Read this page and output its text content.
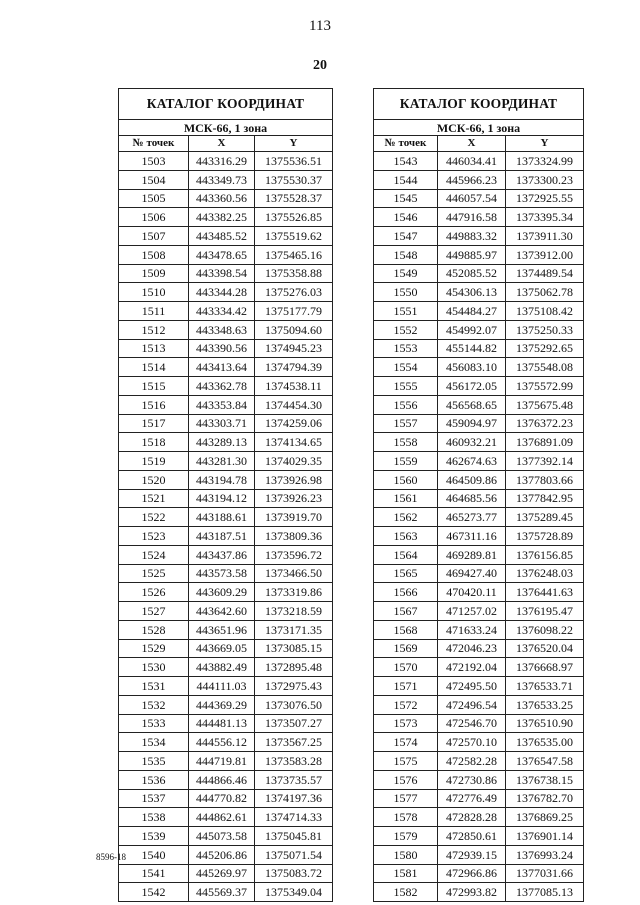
113
20
КАТАЛОГ КООРДИНАТ		
МСК-66, 1 зона		
№ точек	X	Y
1503	443316.29	1375536.51
1504	443349.73	1375530.37
1505	443360.56	1375528.37
1506	443382.25	1375526.85
1507	443485.52	1375519.62
1508	443478.65	1375465.16
1509	443398.54	1375358.88
1510	443344.28	1375276.03
1511	443334.42	1375177.79
1512	443348.63	1375094.60
1513	443390.56	1374945.23
1514	443413.64	1374794.39
1515	443362.78	1374538.11
1516	443353.84	1374454.30
1517	443303.71	1374259.06
1518	443289.13	1374134.65
1519	443281.30	1374029.35
1520	443194.78	1373926.98
1521	443194.12	1373926.23
1522	443188.61	1373919.70
1523	443187.51	1373809.36
1524	443437.86	1373596.72
1525	443573.58	1373466.50
1526	443609.29	1373319.86
1527	443642.60	1373218.59
1528	443651.96	1373171.35
1529	443669.05	1373085.15
1530	443882.49	1372895.48
1531	444111.03	1372975.43
1532	444369.29	1373076.50
1533	444481.13	1373507.27
1534	444556.12	1373567.25
1535	444719.81	1373583.28
1536	444866.46	1373735.57
1537	444770.82	1374197.36
1538	444862.61	1374714.33
1539	445073.58	1375045.81
1540	445206.86	1375071.54
1541	445269.97	1375083.72
1542	445569.37	1375349.04
КАТАЛОГ КООРДИНАТ		
МСК-66, 1 зона		
№ точек	X	Y
1543	446034.41	1373324.99
1544	445966.23	1373300.23
1545	446057.54	1372925.55
1546	447916.58	1373395.34
1547	449883.32	1373911.30
1548	449885.97	1373912.00
1549	452085.52	1374489.54
1550	454306.13	1375062.78
1551	454484.27	1375108.42
1552	454992.07	1375250.33
1553	455144.82	1375292.65
1554	456083.10	1375548.08
1555	456172.05	1375572.99
1556	456568.65	1375675.48
1557	459094.97	1376372.23
1558	460932.21	1376891.09
1559	462674.63	1377392.14
1560	464509.86	1377803.66
1561	464685.56	1377842.95
1562	465273.77	1375289.45
1563	467311.16	1375728.89
1564	469289.81	1376156.85
1565	469427.40	1376248.03
1566	470420.11	1376441.63
1567	471257.02	1376195.47
1568	471633.24	1376098.22
1569	472046.23	1376520.04
1570	472192.04	1376668.97
1571	472495.50	1376533.71
1572	472496.54	1376533.25
1573	472546.70	1376510.90
1574	472570.10	1376535.00
1575	472582.28	1376547.58
1576	472730.86	1376738.15
1577	472776.49	1376782.70
1578	472828.28	1376869.25
1579	472850.61	1376901.14
1580	472939.15	1376993.24
1581	472966.86	1377031.66
1582	472993.82	1377085.13
8596-18
